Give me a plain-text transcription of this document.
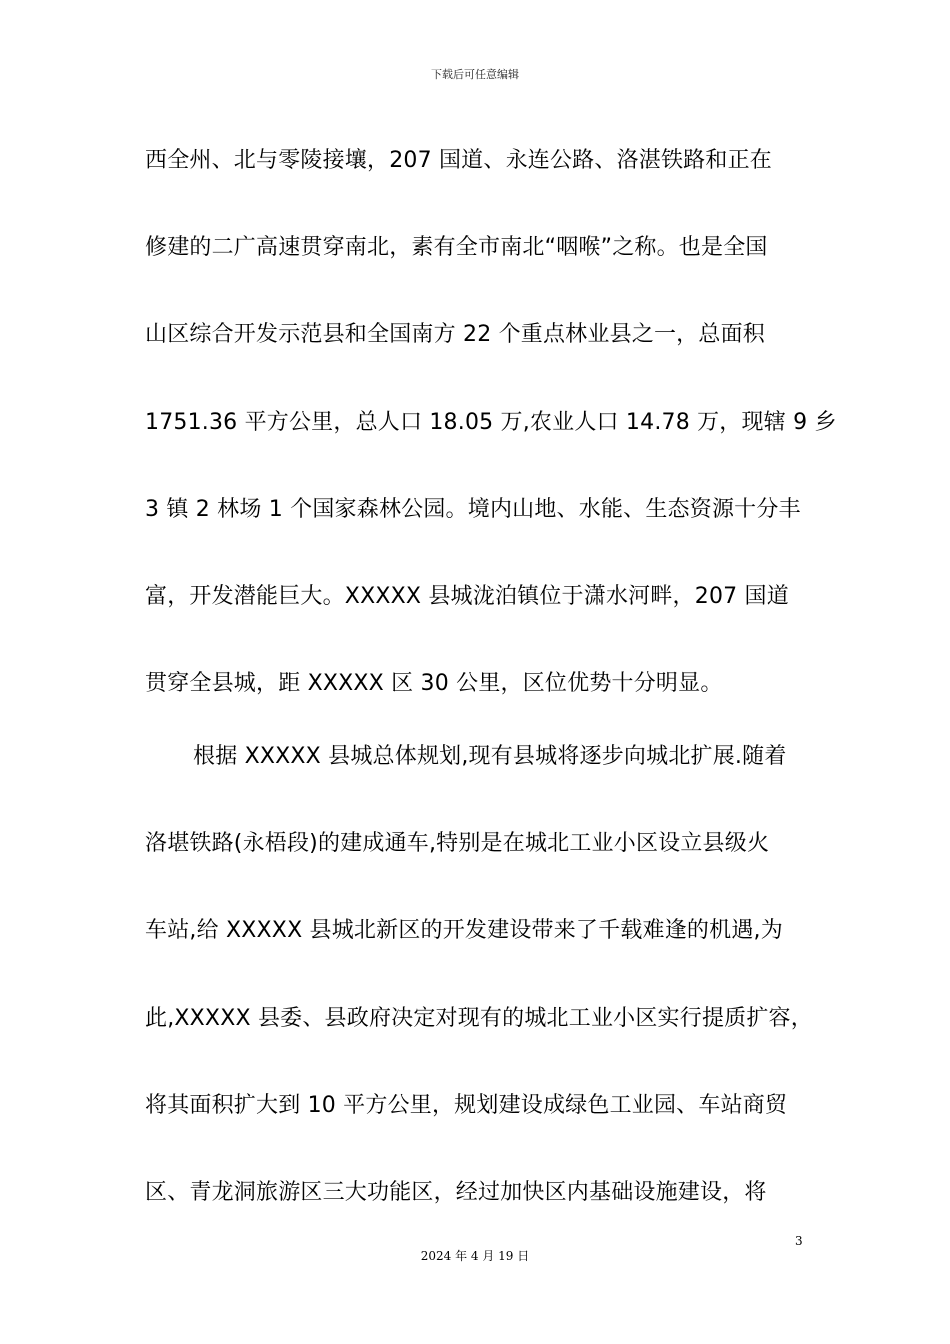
下载后可任意编辑
西全州、北与零陵接壤，207 国道、永连公路、洛湛铁路和正在
修建的二广高速贯穿南北，素有全市南北“咽喉”之称。也是全国
山区综合开发示范县和全国南方 22 个重点林业县之一，总面积
1751.36 平方公里，总人口 18.05 万,农业人口 14.78 万，现辖 9 乡
3 镇 2 林场 1 个国家森林公园。境内山地、水能、生态资源十分丰
富，开发潜能巨大。XXXXX 县城泷泊镇位于潇水河畔，207 国道
贯穿全县城，距 XXXXX 区 30 公里，区位优势十分明显。
根据 XXXXX 县城总体规划,现有县城将逐步向城北扩展.随着
洛堪铁路(永梧段)的建成通车,特别是在城北工业小区设立县级火
车站,给 XXXXX 县城北新区的开发建设带来了千载难逢的机遇,为
此,XXXXX 县委、县政府决定对现有的城北工业小区实行提质扩容，
将其面积扩大到 10 平方公里，规划建设成绿色工业园、车站商贸
区、青龙洞旅游区三大功能区，经过加快区内基础设施建设，将
3
2024 年 4 月 19 日
